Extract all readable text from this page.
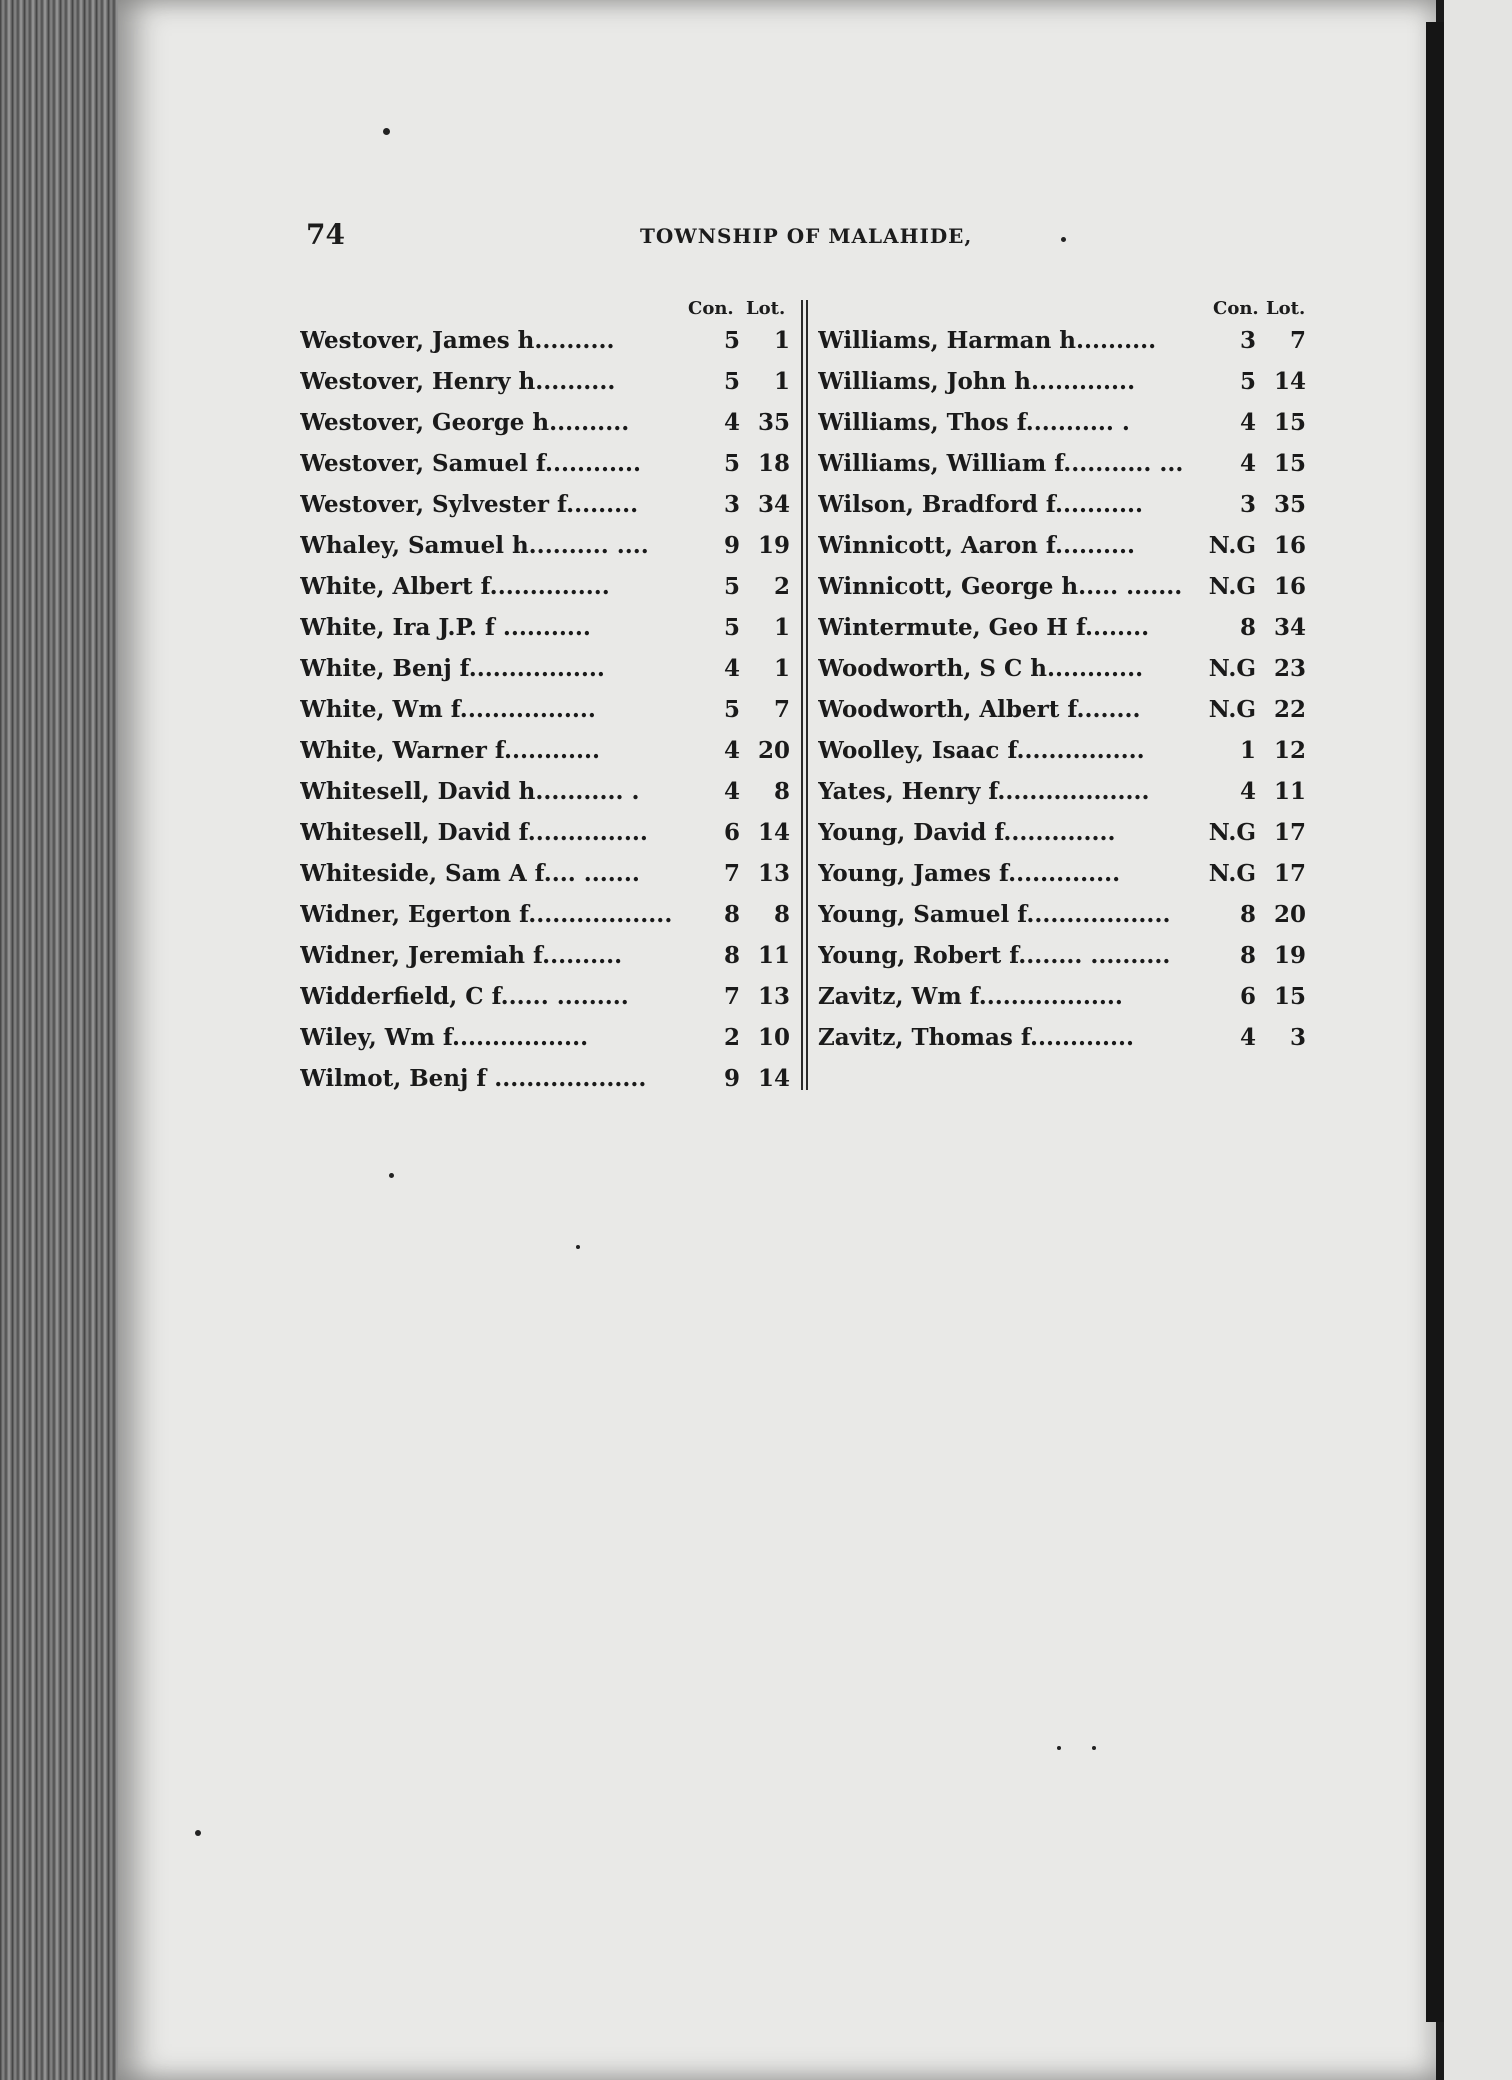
74	TOWNSHIP OF MALAHIDE,
Con. Lot.	Con. Lot.
Westover, James h..........	5	1
Westover, Henry h..........	5	1
Westover, George h..........	4 35
Westover, Samuel f............	5 18
Westover, Sylvester f.........	3 34
Whaley, Samuel h.......... ....	9 19
White, Albert f...............	5	2
White, Ira J.P. f ...........	5	1
White, Benj f.................	4	1
White, Wm f.................	5	7
White, Warner f............	4 20
Whitesell, David h........... .	4	8
Whitesell, David f...............	6 14
Whiteside, Sam A f.... .......	7 13
Widner, Egerton f..................	8	8
Widner, Jeremiah f..........	8 11
Widderfield, C f...... .........	7 13
Wiley, Wm f.................	2 10
Wilmot, Benj f ...................	9 14
Williams, Harman h..........	3	7
Williams, John h.............	5 14
Williams, Thos f........... .	4 15
Williams, William f........... ...	4 15
Wilson, Bradford f...........	3 35
Winnicott, Aaron f..........	N.G 16
Winnicott, George h..... .......	N.G 16
Wintermute, Geo H f........	8 34
Woodworth, S C h............	N.G 23
Woodworth, Albert f........	N.G 22
Woolley, Isaac f................	1 12
Yates, Henry f...................	4 11
Young, David f..............	N.G 17
Young, James f..............	N.G 17
Young, Samuel f..................	8 20
Young, Robert f........ ..........	8 19
Zavitz, Wm f..................	6 15
Zavitz, Thomas f.............	4	3
